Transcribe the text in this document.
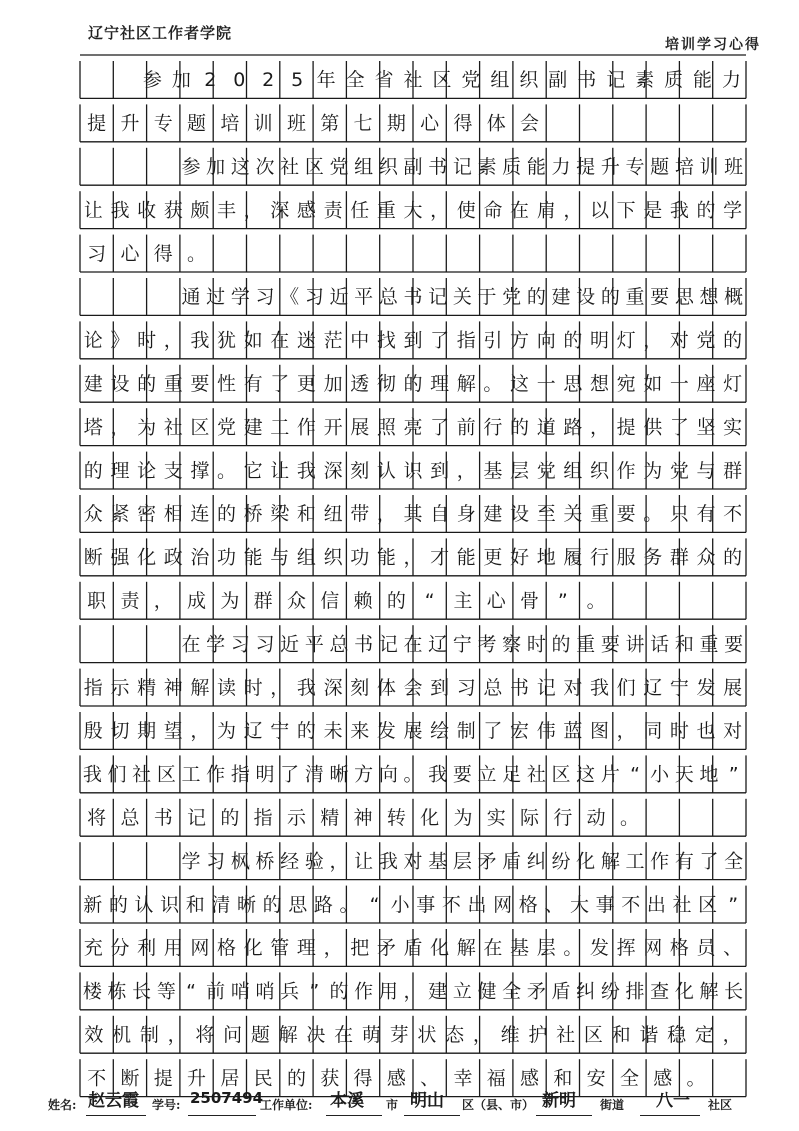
辽宁社区工作者学院
培训学习心得
参 加 2 0 2 5 年 全 省 社 区 党 组 织 副 书 记 素 质 能 力
提 升 专 题 培 训 班 第 七 期 心 得 体 会
参 加 这 次 社 区 党 组 织 副 书 记 素 质 能 力 提 升 专 题 培 训 班
让 我 收 获 颇 丰 ， 深 感 责 任 重 大 ， 使 命 在 肩 ， 以 下 是 我 的 学
习 心 得 。
通 过 学 习 《 习 近 平 总 书 记 关 于 党 的 建 设 的 重 要 思 想 概
论 》 时 ， 我 犹 如 在 迷 茫 中 找 到 了 指 引 方 向 的 明 灯 ， 对 党 的
建 设 的 重 要 性 有 了 更 加 透 彻 的 理 解 。 这 一 思 想 宛 如 一 座 灯
塔 ， 为 社 区 党 建 工 作 开 展 照 亮 了 前 行 的 道 路 ， 提 供 了 坚 实
的 理 论 支 撑 。 它 让 我 深 刻 认 识 到 ， 基 层 党 组 织 作 为 党 与 群
众 紧 密 相 连 的 桥 梁 和 纽 带 ， 其 自 身 建 设 至 关 重 要 。 只 有 不
断 强 化 政 治 功 能 与 组 织 功 能 ， 才 能 更 好 地 履 行 服 务 群 众 的
职 责 ， 成 为 群 众 信 赖 的 “ 主 心 骨 ” 。
在 学 习 习 近 平 总 书 记 在 辽 宁 考 察 时 的 重 要 讲 话 和 重 要
指 示 精 神 解 读 时 ， 我 深 刻 体 会 到 习 总 书 记 对 我 们 辽 宁 发 展
殷 切 期 望 ， 为 辽 宁 的 未 来 发 展 绘 制 了 宏 伟 蓝 图 ， 同 时 也 对
我 们 社 区 工 作 指 明 了 清 晰 方 向 。 我 要 立 足 社 区 这 片 “ 小 天 地 ”
将 总 书 记 的 指 示 精 神 转 化 为 实 际 行 动 。
学 习 枫 桥 经 验 ， 让 我 对 基 层 矛 盾 纠 纷 化 解 工 作 有 了 全
新 的 认 识 和 清 晰 的 思 路 。 “ 小 事 不 出 网 格 、 大 事 不 出 社 区 ”
充 分 利 用 网 格 化 管 理 ， 把 矛 盾 化 解 在 基 层 。 发 挥 网 格 员 、
楼 栋 长 等 “ 前 哨 哨 兵 ” 的 作 用 ， 建 立 健 全 矛 盾 纠 纷 排 查 化 解 长
效 机 制 ， 将 问 题 解 决 在 萌 芽 状 态 ， 维 护 社 区 和 谐 稳 定 ，
不 断 提 升 居 民 的 获 得 感 、 幸 福 感 和 安 全 感 。
姓名: 赵云霞 学号: 2507494
工作单位: 本溪 市 明山 区（县、市） 新明 街道 八一 社区
